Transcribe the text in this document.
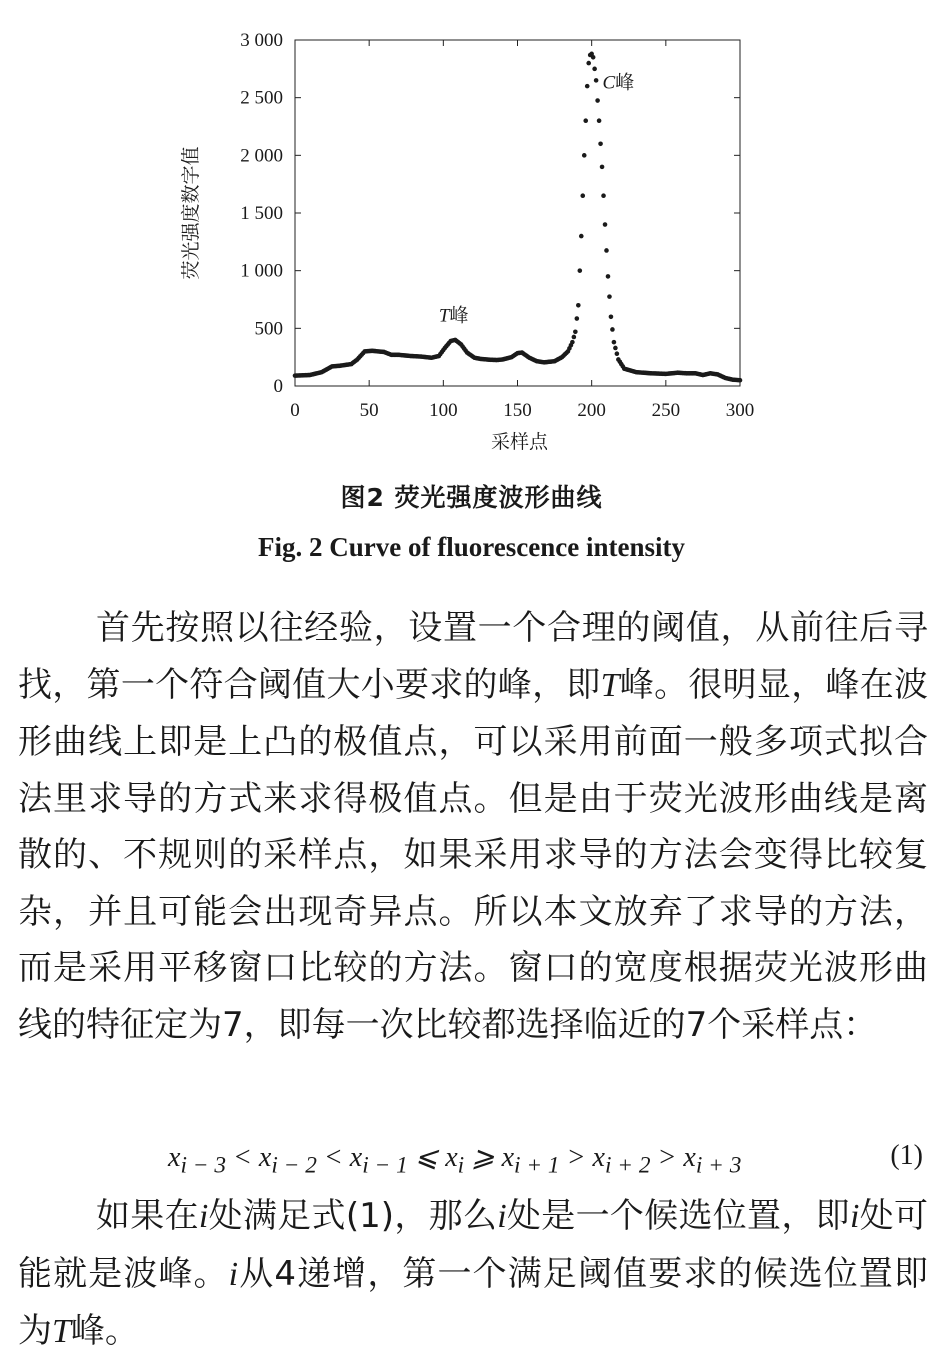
0	50	100 150 200 250 300
0
500
1 000
1 500
2 000
2 500
3 000
采样点
荧光强度数字值
T峰
C峰
图2 荧光强度波形曲线
Fig. 2 Curve of fluorescence intensity
首先按照以往经验，设置一个合理的阈值，从前往后寻找，第一个符合阈值大小要求的峰，即T峰。很明显，峰在波形曲线上即是上凸的极值点，可以采用前面一般多项式拟合法里求导的方式来求得极值点。但是由于荧光波形曲线是离散的、不规则的采样点，如果采用求导的方法会变得比较复杂，并且可能会出现奇异点。所以本文放弃了求导的方法，而是采用平移窗口比较的方法。窗口的宽度根据荧光波形曲线的特征定为7，即每一次比较都选择临近的7个采样点：
$x_{i - 3} < x_{i - 2} < x_{i - 1}$ ⩽ $x_i$ ⩾ $x_{i + 1} > x_{i + 2} > x_{i + 3}$	(1)
如果在i处满足式(1)，那么i处是一个候选位置，即i处可能就是波峰。i从4递增，第一个满足阈值要求的候选位置即为T峰。
